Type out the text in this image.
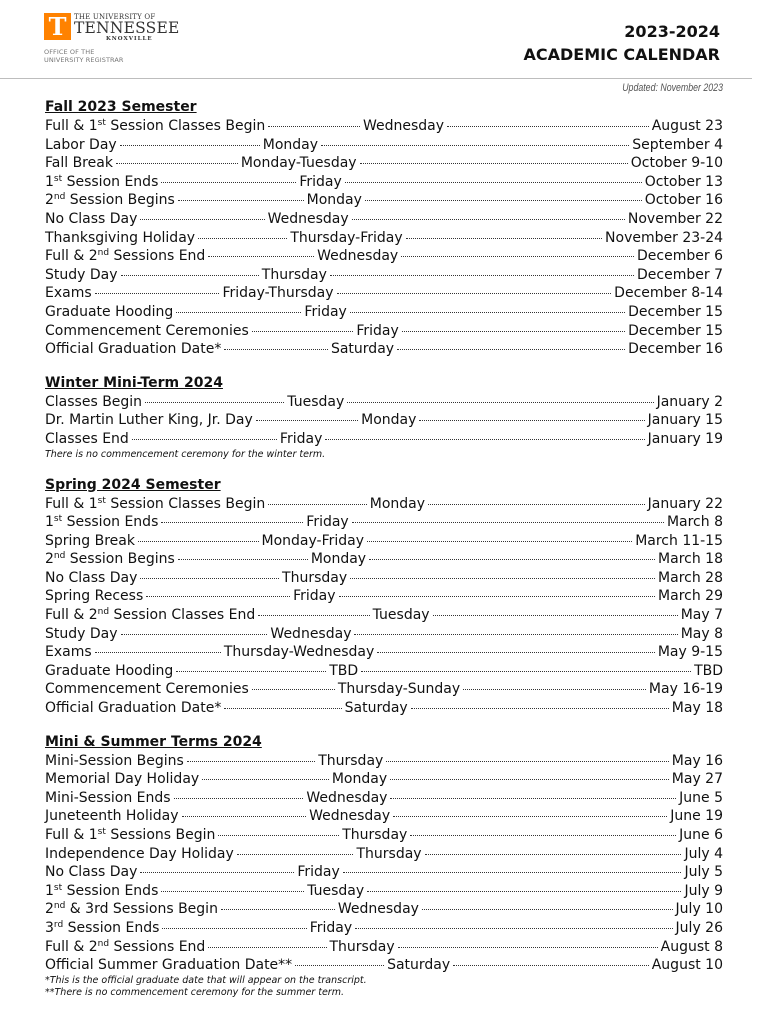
T	THE UNIVERSITY OF
TENNESSEE
KNOXVILLE
OFFICE OF THE
UNIVERSITY REGISTRAR
2023-2024
ACADEMIC CALENDAR
Updated: November 2023
Fall 2023 Semester
Full & 1st Session Classes Begin	Wednesday	August 23
Labor Day	Monday	September 4
Fall Break	Monday-Tuesday	October 9-10
1st Session Ends	Friday	October 13
2nd Session Begins	Monday	October 16
No Class Day	Wednesday	November 22
Thanksgiving Holiday	Thursday-Friday	November 23-24
Full & 2nd Sessions End	Wednesday	December 6
Study Day	Thursday	December 7
Exams	Friday-Thursday	December 8-14
Graduate Hooding	Friday	December 15
Commencement Ceremonies	Friday	December 15
Official Graduation Date*	Saturday	December 16
Winter Mini-Term 2024
Classes Begin	Tuesday	January 2
Dr. Martin Luther King, Jr. Day	Monday	January 15
Classes End	Friday	January 19
There is no commencement ceremony for the winter term.
Spring 2024 Semester
Full & 1st Session Classes Begin	Monday	January 22
1st Session Ends	Friday	March 8
Spring Break	Monday-Friday	March 11-15
2nd Session Begins	Monday	March 18
No Class Day	Thursday	March 28
Spring Recess	Friday	March 29
Full & 2nd Session Classes End	Tuesday	May 7
Study Day	Wednesday	May 8
Exams	Thursday-Wednesday	May 9-15
Graduate Hooding	TBD	TBD
Commencement Ceremonies	Thursday-Sunday	May 16-19
Official Graduation Date*	Saturday	May 18
Mini & Summer Terms 2024
Mini-Session Begins	Thursday	May 16
Memorial Day Holiday	Monday	May 27
Mini-Session Ends	Wednesday	June 5
Juneteenth Holiday	Wednesday	June 19
Full & 1st Sessions Begin	Thursday	June 6
Independence Day Holiday	Thursday	July 4
No Class Day	Friday	July 5
1st Session Ends	Tuesday	July 9
2nd & 3rd Sessions Begin	Wednesday	July 10
3rd Session Ends	Friday	July 26
Full & 2nd Sessions End	Thursday	August 8
Official Summer Graduation Date**	Saturday	August 10
*This is the official graduate date that will appear on the transcript.
**There is no commencement ceremony for the summer term.
